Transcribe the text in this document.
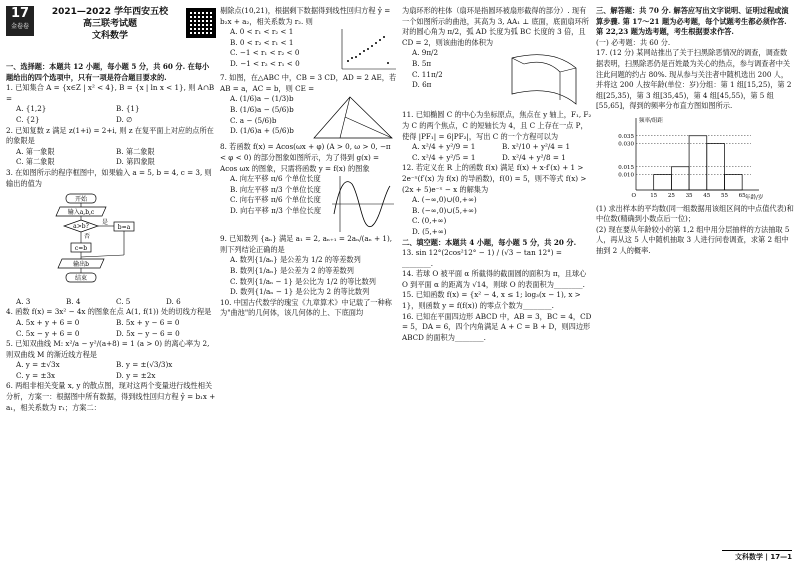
17
金卷卷
2021—2022 学年西安五校
高三联考试题
文科数学

一、选择题：本题共 12 小题，每小题 5 分，共 60 分. 在每小题给出的四个选项中，只有一项是符合题目要求的.

1. 已知集合 A = {x∈Z | x² < 4}, B = {x | ln x < 1}, 则 A∩B =

A. {1,2}	B. {1}
C. {2}	D. ∅

2. 已知复数 z 满足 z(1+i) = 2+i, 则 z 在复平面上对应的点所在的象限是

A. 第一象限	B. 第二象限
C. 第二象限	D. 第四象限

3. 在如图所示的程序框图中，如果输入 a = 5, b = 4, c = 3, 则输出的值为

开始
输入a,b,c
a>b?
是
否
b=a
c=b
输出b
结束
A. 3	B. 4	C. 5	D. 6

4. 函数 f(x) = 3x² − 4x 的图象在点 A(1, f(1)) 处的切线方程是

A. 5x + y + 6 = 0	B. 5x + y − 6 = 0
C. 5x − y + 6 = 0	D. 5x − y − 6 = 0

5. 已知双曲线 M: x²/a − y²/(a+8) = 1 (a > 0) 的离心率为 2, 则双曲线 M 的渐近线方程是

A. y = ±√3x	B. y = ±(√3/3)x
C. y = ±3x	D. y = ±2x

6. 两组非相关变量 x, y 的散点图，现对这两个变量进行线性相关分析，方案一：根据图中所有数据，得到线性回归方程 ŷ = b₁x + a₁，相关系数为 r₁；方案二：

剔除点(10,21)，根据剩下数据得到线性回归方程 ŷ = b₂x + a₂，相关系数为 r₂. 则

A. 0 < r₁ < r₂ < 1

B. 0 < r₂ < r₁ < 1

C. −1 < r₁ < r₂ < 0

D. −1 < r₂ < r₁ < 0

7. 如图，在△ABC 中，CB = 3 CD，AD = 2 AE，若 AB = a，AC = b，则 CE =

A. (1/6)a − (1/3)b

B. (1/6)a − (5/6)b

C. a − (5/6)b

D. (1/6)a + (5/6)b

8. 若函数 f(x) = Acos(ωx + φ) (A > 0, ω > 0, −π < φ < 0) 的部分图象如图所示，为了得到 g(x) = Acos ωx 的图象，只需将函数 y = f(x) 的图象

A. 向左平移 π/6 个单位长度

B. 向左平移 π/3 个单位长度

C. 向右平移 π/6 个单位长度

D. 向右平移 π/3 个单位长度

9. 已知数列 {aₙ} 满足 a₁ = 2, aₙ₊₁ = 2aₙ/(aₙ + 1), 则下列结论正确的是

A. 数列{1/aₙ} 是公差为 1/2 的等差数列

B. 数列{1/aₙ} 是公差为 2 的等差数列

C. 数列{1/aₙ − 1} 是公比为 1/2 的等比数列

D. 数列{1/aₙ − 1} 是公比为 2 的等比数列

10. 中国古代数学的瑰宝《九章算术》中记载了一种称为"曲池"的几何体，该几何体的上、下底面均

为扇环形的柱体（扇环是指圆环被扇形截得的部分）. 现有一个如图所示的曲池，其高为 3, AA₁ ⊥ 底面，底面扇环所对的圆心角为 π/2，弧 AD 长度为弧 BC 长度的 3 倍，且 CD = 2，则该曲池的体积为

A. 9π/2

B. 5π

C. 11π/2

D. 6π

11. 已知椭圆 C 的中心为坐标原点，焦点在 y 轴上，F₁, F₂ 为 C 的两个焦点，C 的短轴长为 4，且 C 上存在一点 P，使得 |PF₁| = 6|PF₂|，写出 C 的一个方程可以为

A. x²/4 + y²/9 = 1	B. x²/10 + y²/4 = 1
C. x²/4 + y²/5 = 1	D. x²/4 + y²/8 = 1

12. 若定义在 R 上的函数 f(x) 满足 f(x) + x·f′(x) + 1 > 2e⁻ˣ(f′(x) 为 f(x) 的导函数)，f(0) = 5，则不等式 f(x) > (2x + 5)e⁻ˣ − x 的解集为

A. (−∞,0)∪(0,+∞)

B. (−∞,0)∪(5,+∞)

C. (0,+∞)

D. (5,+∞)

二、填空题：本题共 4 小题，每小题 5 分，共 20 分.

13. sin 12°(2cos²12° − 1) / (√3 − tan 12°) = ________.

14. 若球 O 被平面 α 所截得的截面圆的面积为 π，且球心 O 到平面 α 的距离为 √14，则球 O 的表面积为________.

15. 已知函数 f(x) = {x² − 4, x ≤ 1; log₃(x − 1), x > 1}，则函数 y = f(f(x)) 的零点个数为________.

16. 已知在平面四边形 ABCD 中，AB = 3，BC = 4，CD = 5，DA = 6，四个内角满足 A + C = B + D，则四边形 ABCD 的面积为________.

三、解答题：共 70 分. 解答应写出文字说明、证明过程或演算步骤. 第 17～21 题为必考题，每个试题考生都必须作答. 第 22,23 题为选考题，考生根据要求作答.

(一) 必考题：共 60 分.

17. (12 分) 某网站推出了关于扫黑除恶情况的调查，调查数据表明，扫黑除恶仍是百姓最为关心的热点，参与调查者中关注此问题的约占 80%. 现从参与关注者中随机选出 200 人，并将这 200 人按年龄(单位：岁)分组：第 1 组[15,25)，第 2 组[25,35)，第 3 组[35,45)，第 4 组[45,55)，第 5 组[55,65]，得到的频率分布直方图如图所示.

频率/组距
年龄/岁
0.035
0.030
0.015
0.010
O	15 25 35 45 55 65

(1) 求出样本的平均数(同一组数据用该组区间的中点值代表)和中位数(精确到小数点后一位)；

(2) 现在要从年龄较小的第 1,2 组中用分层抽样的方法抽取 5 人，再从这 5 人中随机抽取 3 人进行问卷调查，求第 2 组中抽到 2 人的概率.

文科数学 | 17—1
